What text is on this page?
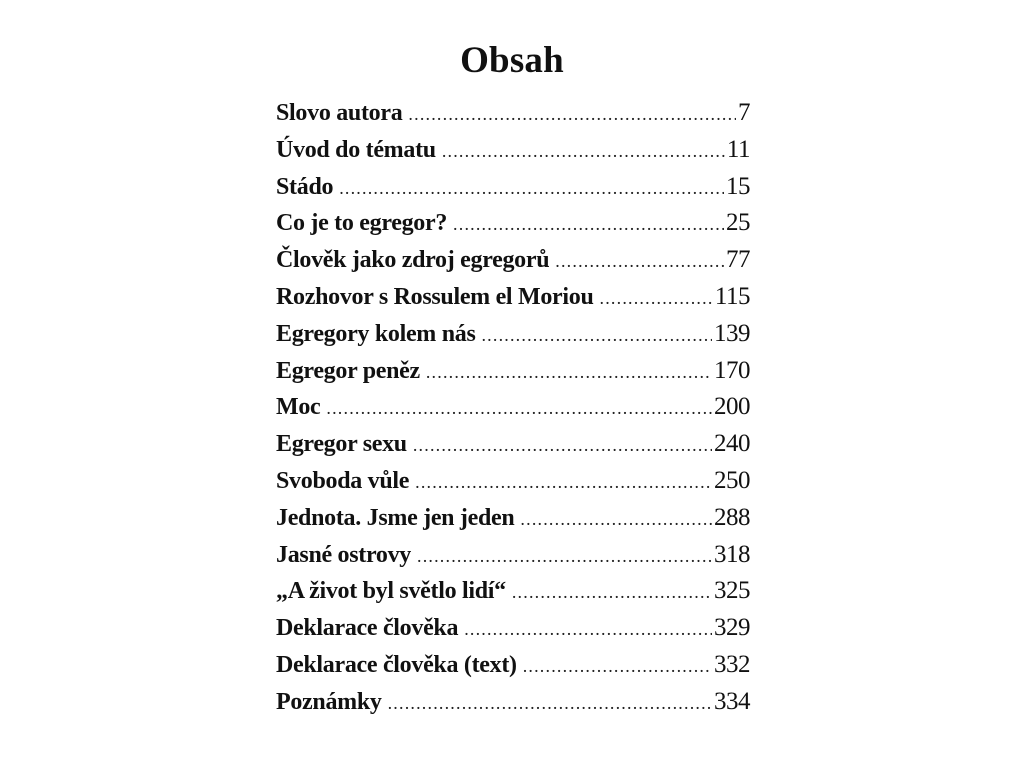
Obsah
Slovo autora .....	7
Úvod do tématu .....	11
Stádo .....	15
Co je to egregor? .....	25
Člověk jako zdroj egregorů .....	77
Rozhovor s Rossulem el Moriou .....	115
Egregory kolem nás .....	139
Egregor peněz .....	170
Moc .....	200
Egregor sexu .....	240
Svoboda vůle .....	250
Jednota. Jsme jen jeden .....	288
Jasné ostrovy .....	318
„A život byl světlo lidí“ .....	325
Deklarace člověka .....	329
Deklarace člověka (text) .....	332
Poznámky .....	334
